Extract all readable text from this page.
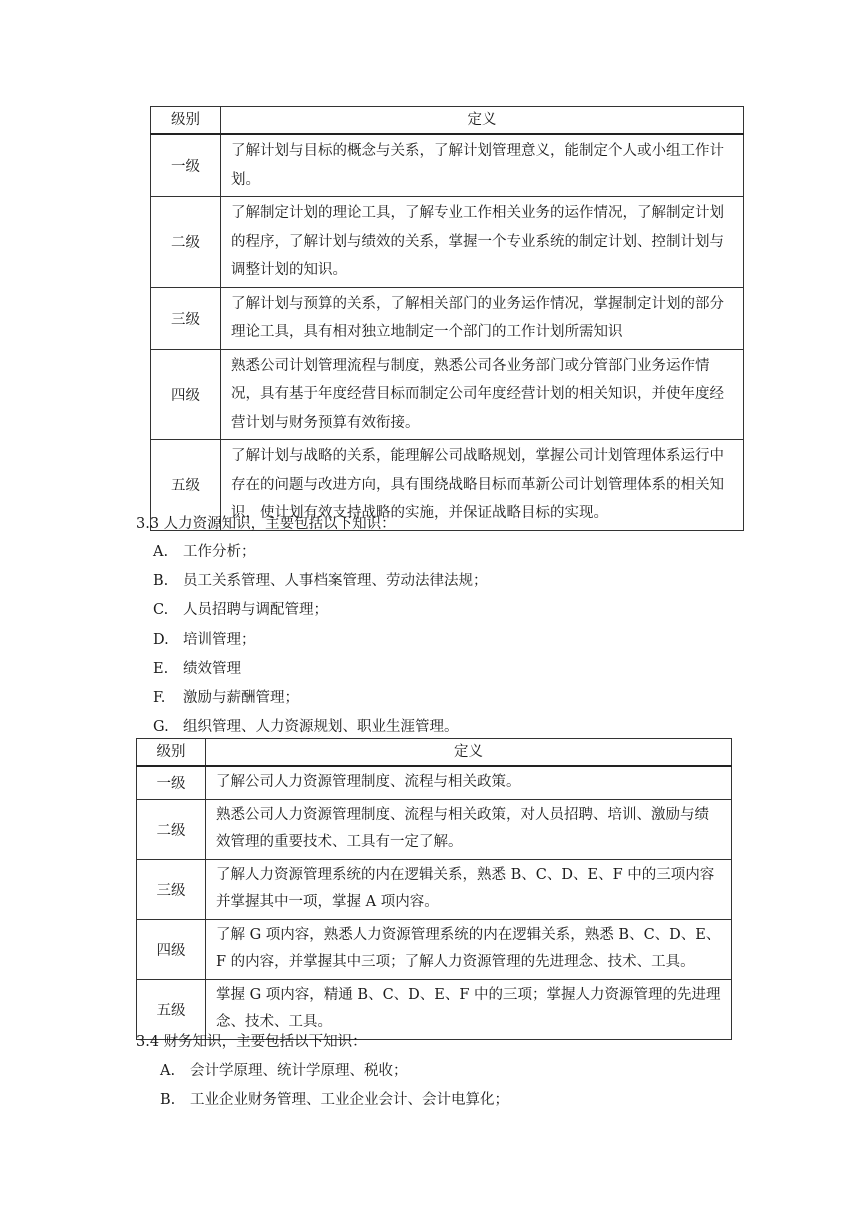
级别	定义
一级	了解计划与目标的概念与关系，了解计划管理意义，能制定个人或小组工作计划。
二级	了解制定计划的理论工具，了解专业工作相关业务的运作情况，了解制定计划的程序，了解计划与绩效的关系，掌握一个专业系统的制定计划、控制计划与调整计划的知识。
三级	了解计划与预算的关系，了解相关部门的业务运作情况，掌握制定计划的部分理论工具，具有相对独立地制定一个部门的工作计划所需知识
四级	熟悉公司计划管理流程与制度，熟悉公司各业务部门或分管部门业务运作情况，具有基于年度经营目标而制定公司年度经营计划的相关知识，并使年度经营计划与财务预算有效衔接。
五级	了解计划与战略的关系，能理解公司战略规划，掌握公司计划管理体系运行中存在的问题与改进方向，具有围绕战略目标而革新公司计划管理体系的相关知识，使计划有效支持战略的实施，并保证战略目标的实现。
3.3 人力资源知识，主要包括以下知识：
A. 工作分析；
B. 员工关系管理、人事档案管理、劳动法律法规；
C. 人员招聘与调配管理；
D. 培训管理；
E. 绩效管理
F. 激励与薪酬管理；
G. 组织管理、人力资源规划、职业生涯管理。
级别	定义
一级	了解公司人力资源管理制度、流程与相关政策。
二级	熟悉公司人力资源管理制度、流程与相关政策，对人员招聘、培训、激励与绩效管理的重要技术、工具有一定了解。
三级	了解人力资源管理系统的内在逻辑关系，熟悉 B、C、D、E、F 中的三项内容并掌握其中一项，掌握 A 项内容。
四级	了解 G 项内容，熟悉人力资源管理系统的内在逻辑关系，熟悉 B、C、D、E、F 的内容，并掌握其中三项；了解人力资源管理的先进理念、技术、工具。
五级	掌握 G 项内容，精通 B、C、D、E、F 中的三项；掌握人力资源管理的先进理念、技术、工具。
3.4 财务知识，主要包括以下知识：
A. 会计学原理、统计学原理、税收；
B. 工业企业财务管理、工业企业会计、会计电算化；
